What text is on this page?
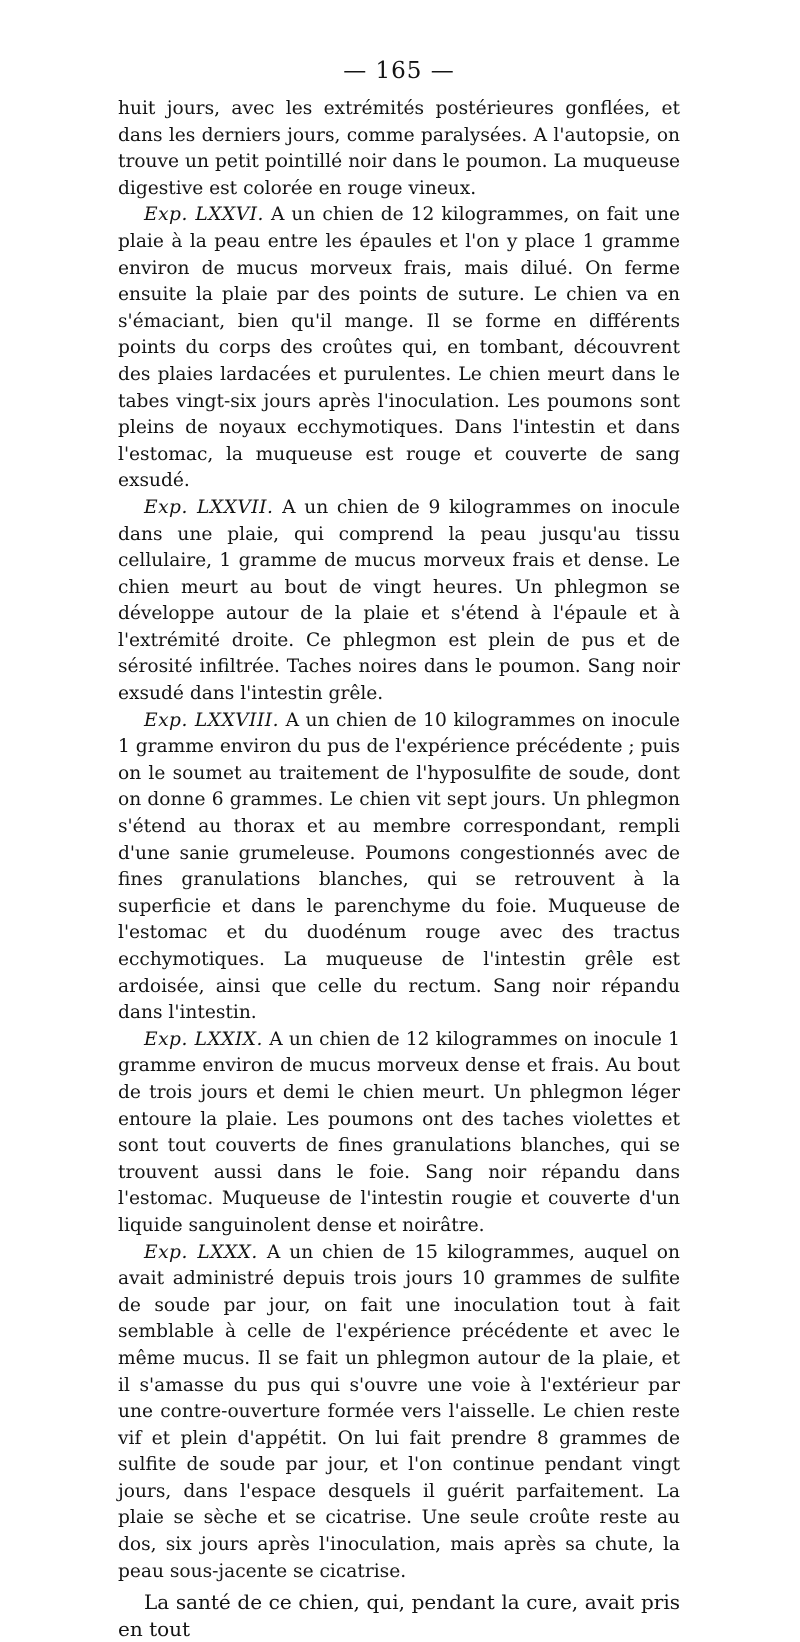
— 165 —

huit jours, avec les extrémités postérieures gonflées, et dans les derniers jours, comme paralysées. A l'autopsie, on trouve un petit pointillé noir dans le poumon. La muqueuse digestive est colorée en rouge vineux.

Exp. LXXVI. A un chien de 12 kilogrammes, on fait une plaie à la peau entre les épaules et l'on y place 1 gramme environ de mucus morveux frais, mais dilué. On ferme ensuite la plaie par des points de suture. Le chien va en s'émaciant, bien qu'il mange. Il se forme en différents points du corps des croûtes qui, en tombant, découvrent des plaies lardacées et purulentes. Le chien meurt dans le tabes vingt-six jours après l'inoculation. Les poumons sont pleins de noyaux ecchymotiques. Dans l'intestin et dans l'estomac, la muqueuse est rouge et couverte de sang exsudé.

Exp. LXXVII. A un chien de 9 kilogrammes on inocule dans une plaie, qui comprend la peau jusqu'au tissu cellulaire, 1 gramme de mucus morveux frais et dense. Le chien meurt au bout de vingt heures. Un phlegmon se développe autour de la plaie et s'étend à l'épaule et à l'extrémité droite. Ce phlegmon est plein de pus et de sérosité infiltrée. Taches noires dans le poumon. Sang noir exsudé dans l'intestin grêle.

Exp. LXXVIII. A un chien de 10 kilogrammes on inocule 1 gramme environ du pus de l'expérience précédente ; puis on le soumet au traitement de l'hyposulfite de soude, dont on donne 6 grammes. Le chien vit sept jours. Un phlegmon s'étend au thorax et au membre correspondant, rempli d'une sanie grumeleuse. Poumons congestionnés avec de fines granulations blanches, qui se retrouvent à la superficie et dans le parenchyme du foie. Muqueuse de l'estomac et du duodénum rouge avec des tractus ecchymotiques. La muqueuse de l'intestin grêle est ardoisée, ainsi que celle du rectum. Sang noir répandu dans l'intestin.

Exp. LXXIX. A un chien de 12 kilogrammes on inocule 1 gramme environ de mucus morveux dense et frais. Au bout de trois jours et demi le chien meurt. Un phlegmon léger entoure la plaie. Les poumons ont des taches violettes et sont tout couverts de fines granulations blanches, qui se trouvent aussi dans le foie. Sang noir répandu dans l'estomac. Muqueuse de l'intestin rougie et couverte d'un liquide sanguinolent dense et noirâtre.

Exp. LXXX. A un chien de 15 kilogrammes, auquel on avait administré depuis trois jours 10 grammes de sulfite de soude par jour, on fait une inoculation tout à fait semblable à celle de l'expérience précédente et avec le même mucus. Il se fait un phlegmon autour de la plaie, et il s'amasse du pus qui s'ouvre une voie à l'extérieur par une contre-ouverture formée vers l'aisselle. Le chien reste vif et plein d'appétit. On lui fait prendre 8 grammes de sulfite de soude par jour, et l'on continue pendant vingt jours, dans l'espace desquels il guérit parfaitement. La plaie se sèche et se cicatrise. Une seule croûte reste au dos, six jours après l'inoculation, mais après sa chute, la peau sous-jacente se cicatrise.

La santé de ce chien, qui, pendant la cure, avait pris en tout
